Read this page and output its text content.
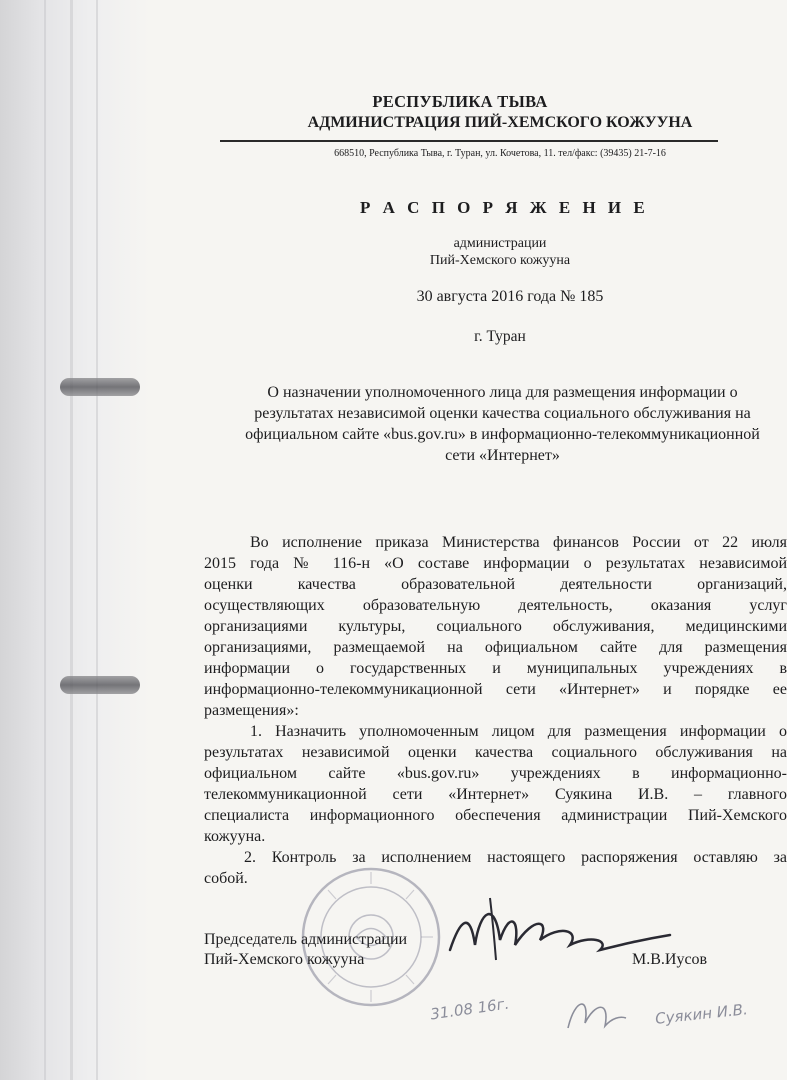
РЕСПУБЛИКА ТЫВА
АДМИНИСТРАЦИЯ ПИЙ-ХЕМСКОГО КОЖУУНА
668510, Республика Тыва, г. Туран, ул. Кочетова, 11. тел/факс: (39435) 21-7-16
Р А С П О Р Я Ж Е Н И Е
администрации
Пий-Хемского кожууна
30 августа 2016 года № 185
г. Туран
О назначении уполномоченного лица для размещения информации о
результатах независимой оценки качества социального обслуживания на
официальном сайте «bus.gov.ru» в информационно-телекоммуникационной
сети «Интернет»
Во исполнение приказа Министерства финансов России от 22 июля
2015 года № 116-н «О составе информации о результатах независимой
оценки качества образовательной деятельности организаций,
осуществляющих образовательную деятельность, оказания услуг
организациями культуры, социального обслуживания, медицинскими
организациями, размещаемой на официальном сайте для размещения
информации о государственных и муниципальных учреждениях в
информационно-телекоммуникационной сети «Интернет» и порядке ее
размещения»:
1. Назначить уполномоченным лицом для размещения информации о
результатах независимой оценки качества социального обслуживания на
официальном сайте «bus.gov.ru» учреждениях в информационно-
телекоммуникационной сети «Интернет» Суякина И.В. – главного
специалиста информационного обеспечения администрации Пий-Хемского
кожууна.
2. Контроль за исполнением настоящего распоряжения оставляю за
собой.
Председатель администрации
Пий-Хемского кожууна	М.В.Иусов
31.08 16г.	Суякин И.В.
